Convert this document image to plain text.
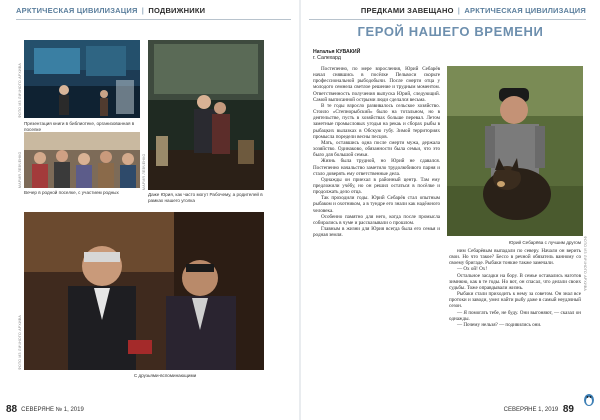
АРКТИЧЕСКАЯ ЦИВИЛИЗАЦИЯ | ПОДВИЖНИКИ
ФОТО ИЗ ЛИЧНОГО АРХИВА
МАРИЯ ЛЕВЧЕНКО
Презентация книги в библиотеке, организованная в поселке
МАРИЯ ЛЕВЧЕНКО
Вечер в родной поселке, с участием родных	Даже Юрия, как часто могут Рабочему, а родителей в рамках нашего уголка
ФОТО ИЗ ЛИЧНОГО АРХИВА
С друзьями-вспоминающими
88 СЕВЕРЯНЕ № 1, 2019
ПРЕДКАМИ ЗАВЕЩАНО | АРКТИЧЕСКАЯ ЦИВИЛИЗАЦИЯ
ГЕРОЙ НАШЕГО ВРЕМЕНИ
Наталья КУВАКИЙ
г. Салехард

Постепенно, по мере взросления, Юрий Себарёв начал снявшись в посёлке Пельвоси скорьте профессиональной рыбодобычи. После смерти отца у молодого семнела светлое решение и трудным моментом. Ответственность получения выпуска Юрий, следующий. Самой выписанной острыми люди сделался весьма.

В те годы взросло развивалось сельское хозяйство. Стоило «Степнорыбский» было на тотальном, но в деятельстве, пусть в хозяйствах больше перевал. Летом заметные промысловых угодья на рекаь и сборах рыбы в рыбацких вылазках в Обскую губу. Зимой территориях промысла поредели весны песцов.

Мать, оставшись одна после смерти мужа, держала хозяйство. Одинаково, обязанности была семьи, что это было для большой семьи.

Жизнь была трудной, но Юрий не сдавался. Постепенно начальство заметило трудолюбивого парня и стало доверять ему ответственные дела.

Однажды он приехал в районный центр. Там ему предложили учёбу, но он решил остаться в посёлке и продолжать дело отца.

Так проходили годы. Юрий Себарёв стал опытным рыбаком и охотником, а в тундре его знали как надёжного человека.

Особенно памятно для него, когда после промысла собирались в чуме и рассказывали о прошлом.

Главным в жизни для Юрия всегда была его семья и родная земля.

ФОТО ИЗ ЛИЧНОГО АРХИВА
Юрий Себарёва с лучшим другом

ним Себарёвым выпадали по северу. Начали он верить свои. Но что такое? Бессо в речной обязатель ванному со своему бригаде. Рыбаки тонкие также замечали.

— Ох ой! Ох!

Остальное засадки на бору. В семье оставались наготов зимнюю, как в те годы. Но вот, он спасал, что делали своих судьбы. Тоже оправдывали жизнь.

Рыбаки стали приходить к нему за советом. Он знал все протоки и заводи, умел найти рыбу даже в самый неудачный сезон.

— Я помогать тебе, не буду. Они выгоняют, — сказал он однажды.

— Почему нельзя? — подивились они.

СЕВЕРЯНЕ 1, 2019 89
